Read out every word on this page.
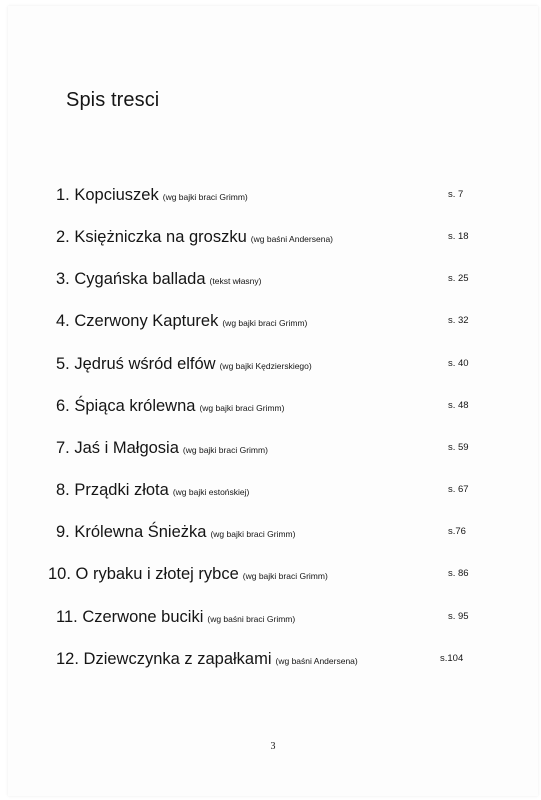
Spis tresci
1. Kopciuszek (wg bajki braci Grimm)	s. 7
2. Księżniczka na groszku (wg baśni Andersena)	s. 18
3. Cygańska ballada (tekst własny)	s. 25
4. Czerwony Kapturek (wg bajki braci Grimm)	s. 32
5. Jędruś wśród elfów (wg bajki Kędzierskiego)	s. 40
6. Śpiąca królewna (wg bajki braci Grimm)	s. 48
7. Jaś i Małgosia (wg bajki braci Grimm)	s. 59
8. Prządki złota (wg bajki estońskiej)	s. 67
9. Królewna Śnieżka (wg bajki braci Grimm)	s.76
10. O rybaku i złotej rybce (wg bajki braci Grimm)	s. 86
11. Czerwone buciki (wg baśni braci Grimm)	s. 95
12. Dziewczynka z zapałkami (wg baśni Andersena)	s.104
3
